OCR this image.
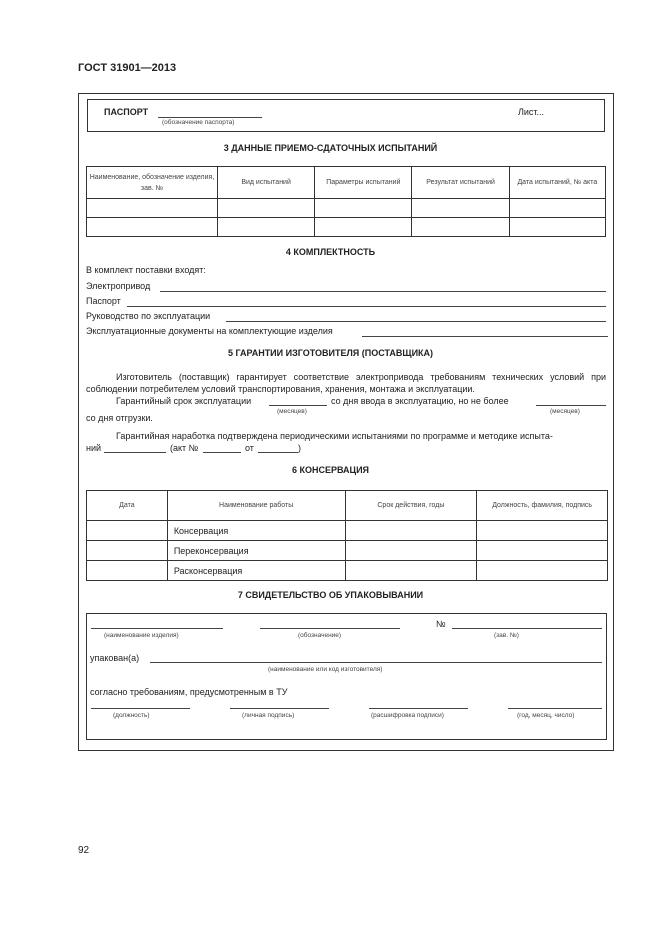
ГОСТ 31901—2013
ПАСПОРТ
(обозначение паспорта)
Лист...
3 ДАННЫЕ ПРИЕМО-СДАТОЧНЫХ ИСПЫТАНИЙ
Наименование, обозначение изделия, зав. №	Вид испытаний	Параметры испытаний	Результат испытаний	Дата испытаний, № акта

4 КОМПЛЕКТНОСТЬ
В комплект поставки входят:
Электропривод
Паспорт
Руководство по эксплуатации
Эксплуатационные документы на комплектующие изделия
5 ГАРАНТИИ ИЗГОТОВИТЕЛЯ (ПОСТАВЩИКА)
Изготовитель (поставщик) гарантирует соответствие электропривода требованиям технических условий при соблюдении потребителем условий транспортирования, хранения, монтажа и эксплуатации.
Гарантийный срок эксплуатации
(месяцев)
со дня ввода в эксплуатацию, но не более
(месяцев)
со дня отгрузки.
Гарантийная наработка подтверждена периодическими испытаниями по программе и методике испыта-
ний	(акт №	от	)
6 КОНСЕРВАЦИЯ
Дата	Наименование работы	Срок действия, годы	Должность, фамилия, подпись
	Консервация		
	Переконсервация		
	Расконсервация		
7 СВИДЕТЕЛЬСТВО ОБ УПАКОВЫВАНИИ
(наименование изделия)	(обозначение)
№
(зав. №)
упакован(а)
(наименование или код изготовителя)
согласно требованиям, предусмотренным в ТУ
(должность)	(личная подпись)	(расшифровка подписи)	(год, месяц, число)
92
